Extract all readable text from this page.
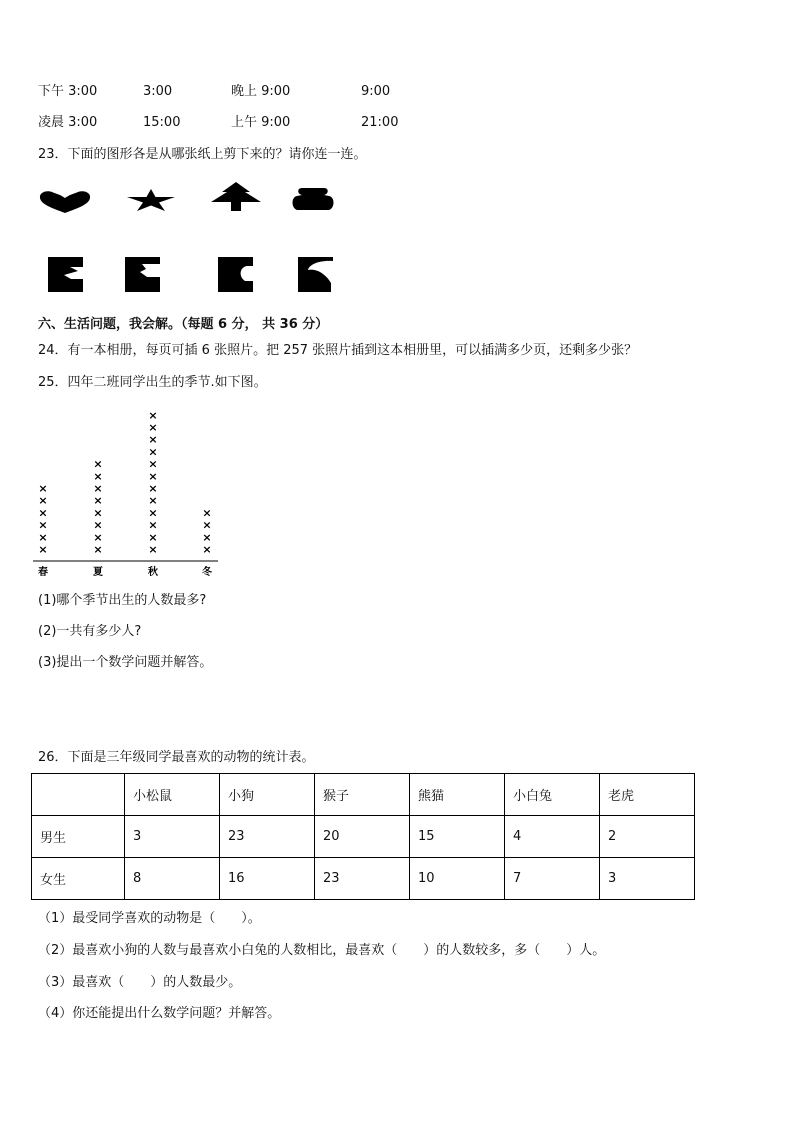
下午 3:00	3:00	晚上 9:00	9:00
凌晨 3:00	15:00	上午 9:00	21:00
23．下面的图形各是从哪张纸上剪下来的？请你连一连。
六、生活问题，我会解。（每题 6 分， 共 36 分）
24．有一本相册，每页可插 6 张照片。把 257 张照片插到这本相册里，可以插满多少页，还剩多少张？
25．四年二班同学出生的季节.如下图。
×
×
×
×
×
×
春
×
×
×
×
×
×
×
×
夏
×
×
×
×
×
×
×
×
×
×
×
×
秋
×
×
×
×
冬
(1)哪个季节出生的人数最多?
(2)一共有多少人?
(3)提出一个数学问题并解答。
26．下面是三年级同学最喜欢的动物的统计表。
	小松鼠	小狗	猴子	熊猫	小白兔	老虎
男生	3	23	20	15	4	2
女生	8	16	23	10	7	3
（1）最受同学喜欢的动物是（　　）。
（2）最喜欢小狗的人数与最喜欢小白兔的人数相比，最喜欢（　　）的人数较多，多（　　）人。
（3）最喜欢（　　）的人数最少。
（4）你还能提出什么数学问题？并解答。
